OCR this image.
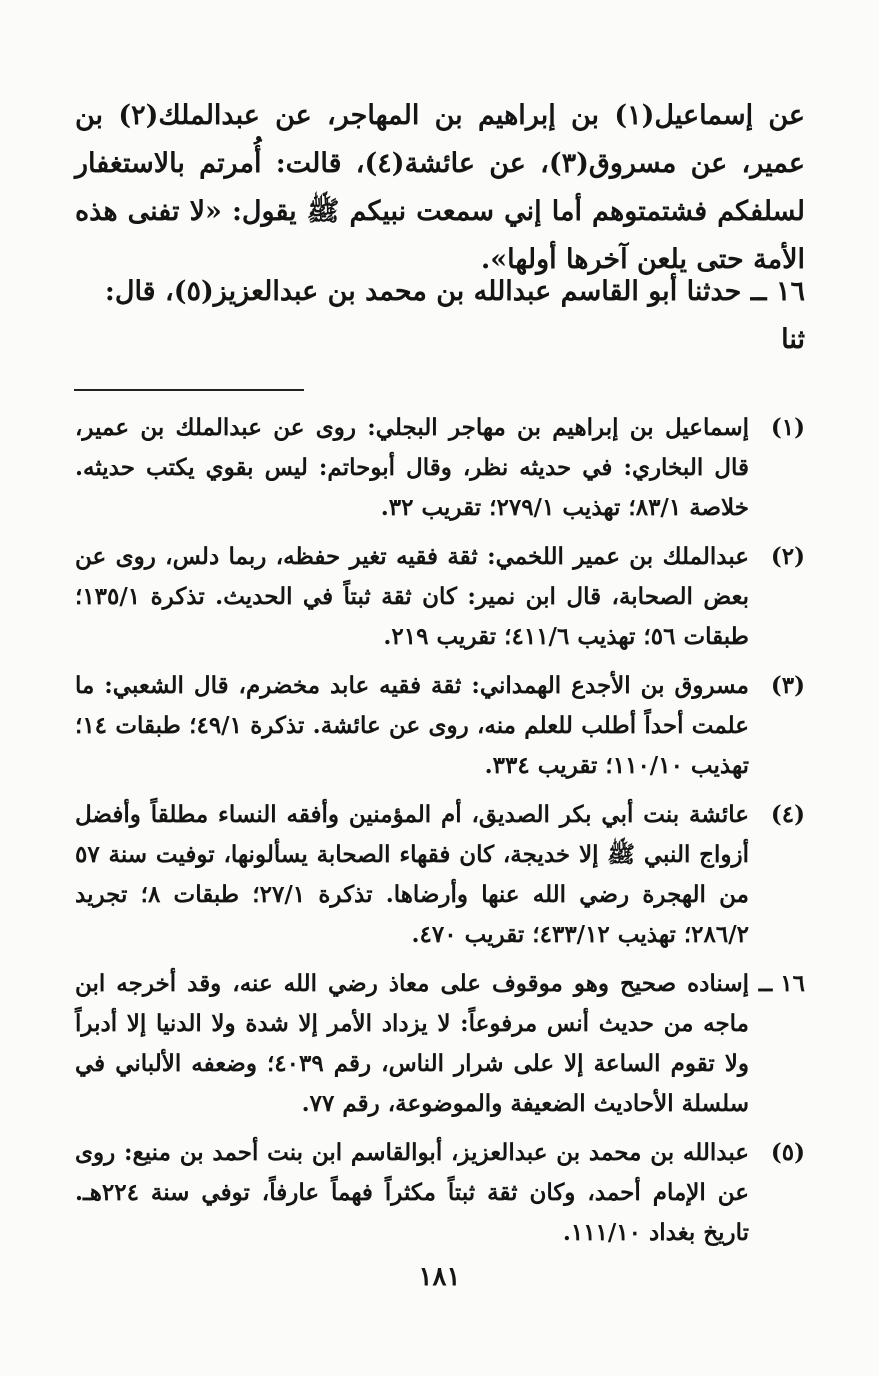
عن إسماعيل(١) بن إبراهيم بن المهاجر، عن عبدالملك(٢) بن عمير، عن مسروق(٣)، عن عائشة(٤)، قالت: أُمرتم بالاستغفار لسلفكم فشتمتوهم أما إني سمعت نبيكم ﷺ يقول: «لا تفنى هذه الأمة حتى يلعن آخرها أولها».

١٦ ــ حدثنا أبو القاسم عبدالله بن محمد بن عبدالعزيز(٥)، قال: ثنا

(١)

إسماعيل بن إبراهيم بن مهاجر البجلي: روى عن عبدالملك بن عمير، قال البخاري: في حديثه نظر، وقال أبوحاتم: ليس بقوي يكتب حديثه. خلاصة ٨٣/١؛ تهذيب ٢٧٩/١؛ تقريب ٣٢.

(٢)

عبدالملك بن عمير اللخمي: ثقة فقيه تغير حفظه، ربما دلس، روى عن بعض الصحابة، قال ابن نمير: كان ثقة ثبتاً في الحديث. تذكرة ١٣٥/١؛ طبقات ٥٦؛ تهذيب ٤١١/٦؛ تقريب ٢١٩.

(٣)

مسروق بن الأجدع الهمداني: ثقة فقيه عابد مخضرم، قال الشعبي: ما علمت أحداً أطلب للعلم منه، روى عن عائشة. تذكرة ٤٩/١؛ طبقات ١٤؛ تهذيب ١١٠/١٠؛ تقريب ٣٣٤.

(٤)

عائشة بنت أبي بكر الصديق، أم المؤمنين وأفقه النساء مطلقاً وأفضل أزواج النبي ﷺ إلا خديجة، كان فقهاء الصحابة يسألونها، توفيت سنة ٥٧ من الهجرة رضي الله عنها وأرضاها. تذكرة ٢٧/١؛ طبقات ٨؛ تجريد ٢٨٦/٢؛ تهذيب ٤٣٣/١٢؛ تقريب ٤٧٠.

١٦ ــ

إسناده صحيح وهو موقوف على معاذ رضي الله عنه، وقد أخرجه ابن ماجه من حديث أنس مرفوعاً: لا يزداد الأمر إلا شدة ولا الدنيا إلا أدبراً ولا تقوم الساعة إلا على شرار الناس، رقم ٤٠٣٩؛ وضعفه الألباني في سلسلة الأحاديث الضعيفة والموضوعة، رقم ٧٧.

(٥)

عبدالله بن محمد بن عبدالعزيز، أبوالقاسم ابن بنت أحمد بن منيع: روى عن الإمام أحمد، وكان ثقة ثبتاً مكثراً فهماً عارفاً، توفي سنة ٢٢٤هـ. تاريخ بغداد ١١١/١٠.

١٨١
